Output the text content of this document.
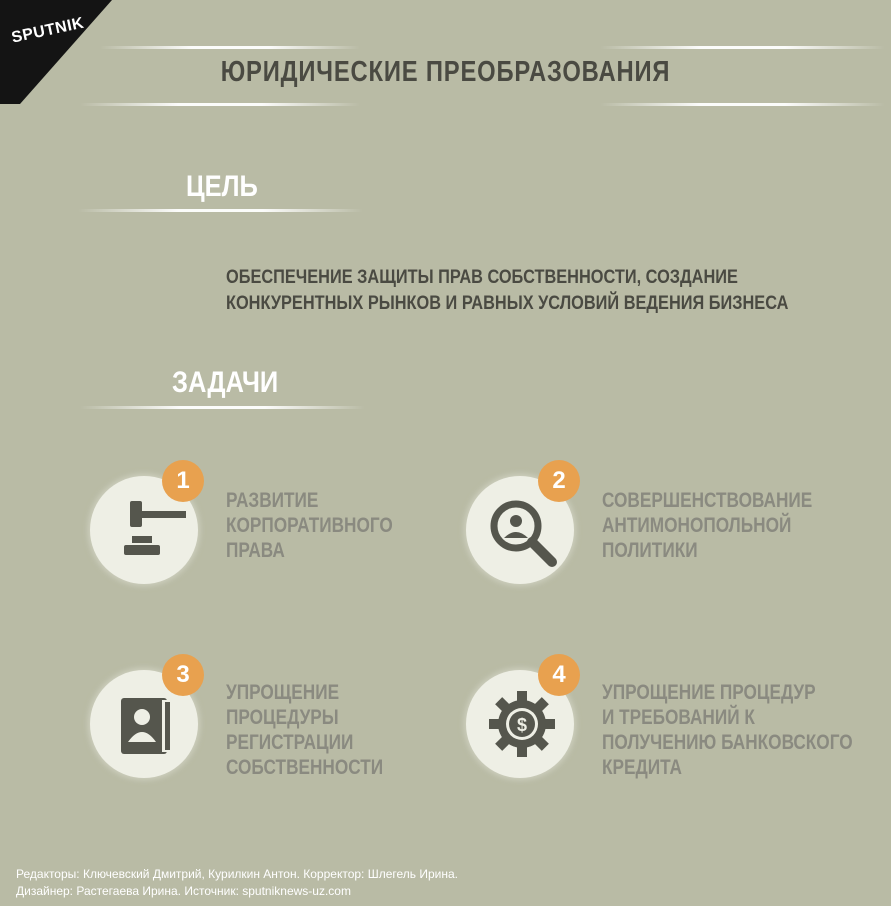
SPUTNIK
ЮРИДИЧЕСКИЕ ПРЕОБРАЗОВАНИЯ
ЦЕЛЬ
ОБЕСПЕЧЕНИЕ ЗАЩИТЫ ПРАВ СОБСТВЕННОСТИ, СОЗДАНИЕ
КОНКУРЕНТНЫХ РЫНКОВ И РАВНЫХ УСЛОВИЙ ВЕДЕНИЯ БИЗНЕСА
ЗАДАЧИ
1
РАЗВИТИЕ
КОРПОРАТИВНОГО
ПРАВА
2
СОВЕРШЕНСТВОВАНИЕ
АНТИМОНОПОЛЬНОЙ
ПОЛИТИКИ
3
УПРОЩЕНИЕ
ПРОЦЕДУРЫ
РЕГИСТРАЦИИ
СОБСТВЕННОСТИ
$
4
УПРОЩЕНИЕ ПРОЦЕДУР
И ТРЕБОВАНИЙ К
ПОЛУЧЕНИЮ БАНКОВСКОГО
КРЕДИТА
Редакторы: Ключевский Дмитрий, Курилкин Антон. Корректор: Шлегель Ирина.
Дизайнер: Растегаева Ирина. Источник: sputniknews-uz.com
